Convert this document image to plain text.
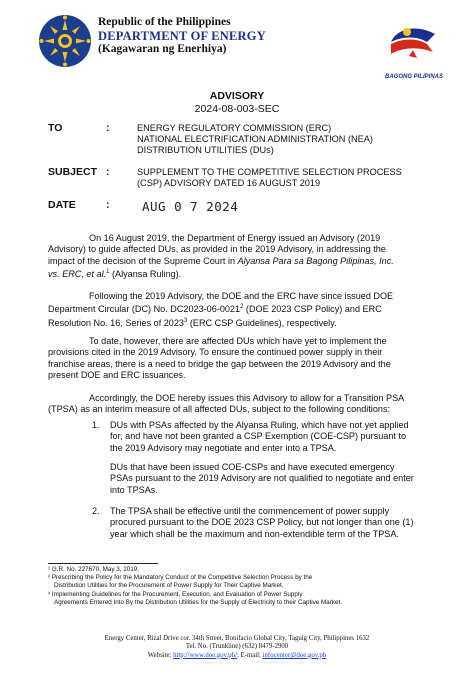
Republic of the Philippines
DEPARTMENT OF ENERGY
(Kagawaran ng Enerhiya)
BAGONG PILIPINAS
ADVISORY
2024-08-003-SEC
TO	:	ENERGY REGULATORY COMMISSION (ERC)
NATIONAL ELECTRIFICATION ADMINISTRATION (NEA)
DISTRIBUTION UTILITIES (DUs)
SUBJECT :	SUPPLEMENT TO THE COMPETITIVE SELECTION PROCESS
(CSP) ADVISORY DATED 16 AUGUST 2019
DATE	:	AUG 0 7 2024
On 16 August 2019, the Department of Energy issued an Advisory (2019
Advisory) to guide affected DUs, as provided in the 2019 Advisory, in addressing the
impact of the decision of the Supreme Court in Alyansa Para sa Bagong Pilipinas, Inc.
vs. ERC, et al.$^1$ (Alyansa Ruling).
Following the 2019 Advisory, the DOE and the ERC have since issued DOE
Department Circular (DC) No. DC2023-06-0021$^2$ (DOE 2023 CSP Policy) and ERC
Resolution No. 16, Series of 2023$^3$ (ERC CSP Guidelines), respectively.
To date, however, there are affected DUs which have yet to implement the
provisions cited in the 2019 Advisory. To ensure the continued power supply in their
franchise areas, there is a need to bridge the gap between the 2019 Advisory and the
present DOE and ERC issuances.
Accordingly, the DOE hereby issues this Advisory to allow for a Transition PSA
(TPSA) as an interim measure of all affected DUs, subject to the following conditions:
1. DUs with PSAs affected by the Alyansa Ruling, which have not yet applied
for, and have not been granted a CSP Exemption (COE-CSP) pursuant to
the 2019 Advisory may negotiate and enter into a TPSA.
DUs that have been issued COE-CSPs and have executed emergency
PSAs pursuant to the 2019 Advisory are not qualified to negotiate and enter
into TPSAs.
2. The TPSA shall be effective until the commencement of power supply
procured pursuant to the DOE 2023 CSP Policy, but not longer than one (1)
year which shall be the maximum and non-extendible term of the TPSA.
¹ G.R. No. 227670, May 3, 2019.
² Prescribing the Policy for the Mandatory Conduct of the Competitive Selection Process by the
Distribution Utilities for the Procurement of Power Supply for Their Captive Market.
³ Implementing Guidelines for the Procurement, Execution, and Evaluation of Power Supply
Agreements Entered Into By the Distribution Utilities for the Supply of Electricity to their Captive Market.
Energy Center, Rizal Drive cor. 34th Street, Bonifacio Global City, Taguig City, Philippines 1632
Tel. No. (Trunkline) (632) 8479-2900
Website: http://www.doe.gov.ph/; E-mail: infocenter@doe.gov.ph
